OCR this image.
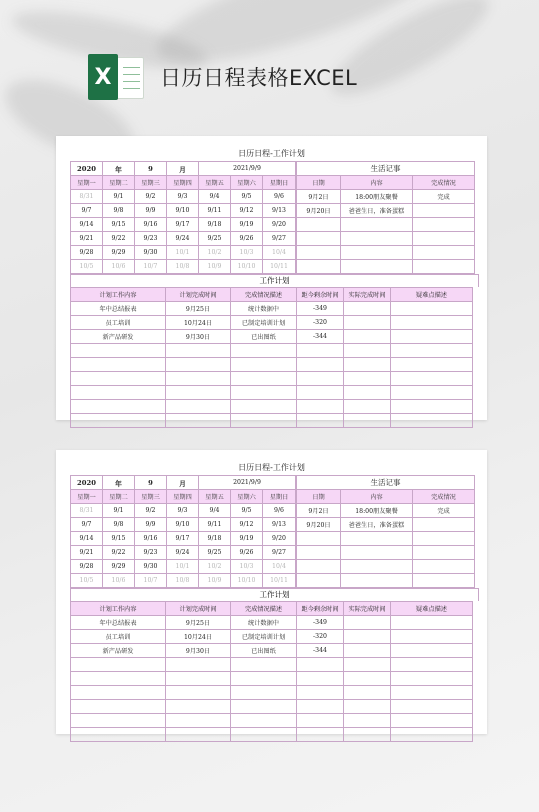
X	日历日程表格EXCEL
日历日程-工作计划
2020	年	9	月	2021/9/9		
星期一	星期二	星期三	星期四	星期五	星期六	星期日
8/31	9/1	9/2	9/3	9/4	9/5	9/6
9/7	9/8	9/9	9/10	9/11	9/12	9/13
9/14	9/15	9/16	9/17	9/18	9/19	9/20
9/21	9/22	9/23	9/24	9/25	9/26	9/27
9/28	9/29	9/30	10/1	10/2	10/3	10/4
10/5	10/6	10/7	10/8	10/9	10/10	10/11
生活记事		
日期	内容	完成情况
9月2日	18:00朋友聚餐	完成
9月20日	爸爸生日，准备蛋糕	

工作计划
计划工作内容	计划完成时间	完成情况描述	距今剩余时间	实际完成时间	疑难点描述
年中总结报表	9月25日	统计数据中	-349		
员工培训	10月24日	已制定培训计划	-320		
新产品研发	9月30日	已出图纸	-344		

日历日程-工作计划
2020	年	9	月	2021/9/9		
星期一	星期二	星期三	星期四	星期五	星期六	星期日
8/31	9/1	9/2	9/3	9/4	9/5	9/6
9/7	9/8	9/9	9/10	9/11	9/12	9/13
9/14	9/15	9/16	9/17	9/18	9/19	9/20
9/21	9/22	9/23	9/24	9/25	9/26	9/27
9/28	9/29	9/30	10/1	10/2	10/3	10/4
10/5	10/6	10/7	10/8	10/9	10/10	10/11
生活记事		
日期	内容	完成情况
9月2日	18:00朋友聚餐	完成
9月20日	爸爸生日，准备蛋糕	

工作计划
计划工作内容	计划完成时间	完成情况描述	距今剩余时间	实际完成时间	疑难点描述
年中总结报表	9月25日	统计数据中	-349		
员工培训	10月24日	已制定培训计划	-320		
新产品研发	9月30日	已出图纸	-344		
